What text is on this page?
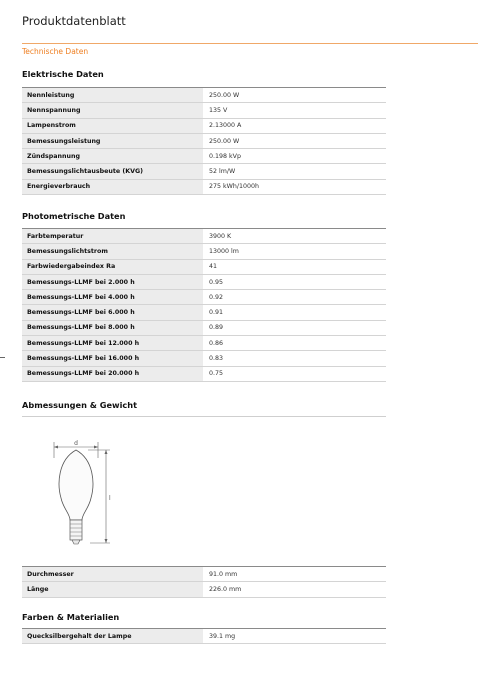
Produktdatenblatt
Technische Daten
Elektrische Daten
Nennleistung	250.00 W
Nennspannung	135 V
Lampenstrom	2.13000 A
Bemessungsleistung	250.00 W
Zündspannung	0.198 kVp
Bemessungslichtausbeute (KVG)	52 lm/W
Energieverbrauch	275 kWh/1000h
Photometrische Daten
Farbtemperatur	3900 K
Bemessungslichtstrom	13000 lm
Farbwiedergabeindex Ra	41
Bemessungs-LLMF bei 2.000 h	0.95
Bemessungs-LLMF bei 4.000 h	0.92
Bemessungs-LLMF bei 6.000 h	0.91
Bemessungs-LLMF bei 8.000 h	0.89
Bemessungs-LLMF bei 12.000 h	0.86
Bemessungs-LLMF bei 16.000 h	0.83
Bemessungs-LLMF bei 20.000 h	0.75
Abmessungen & Gewicht
d
l
Durchmesser	91.0 mm
Länge	226.0 mm
Farben & Materialien
Quecksilbergehalt der Lampe	39.1 mg
